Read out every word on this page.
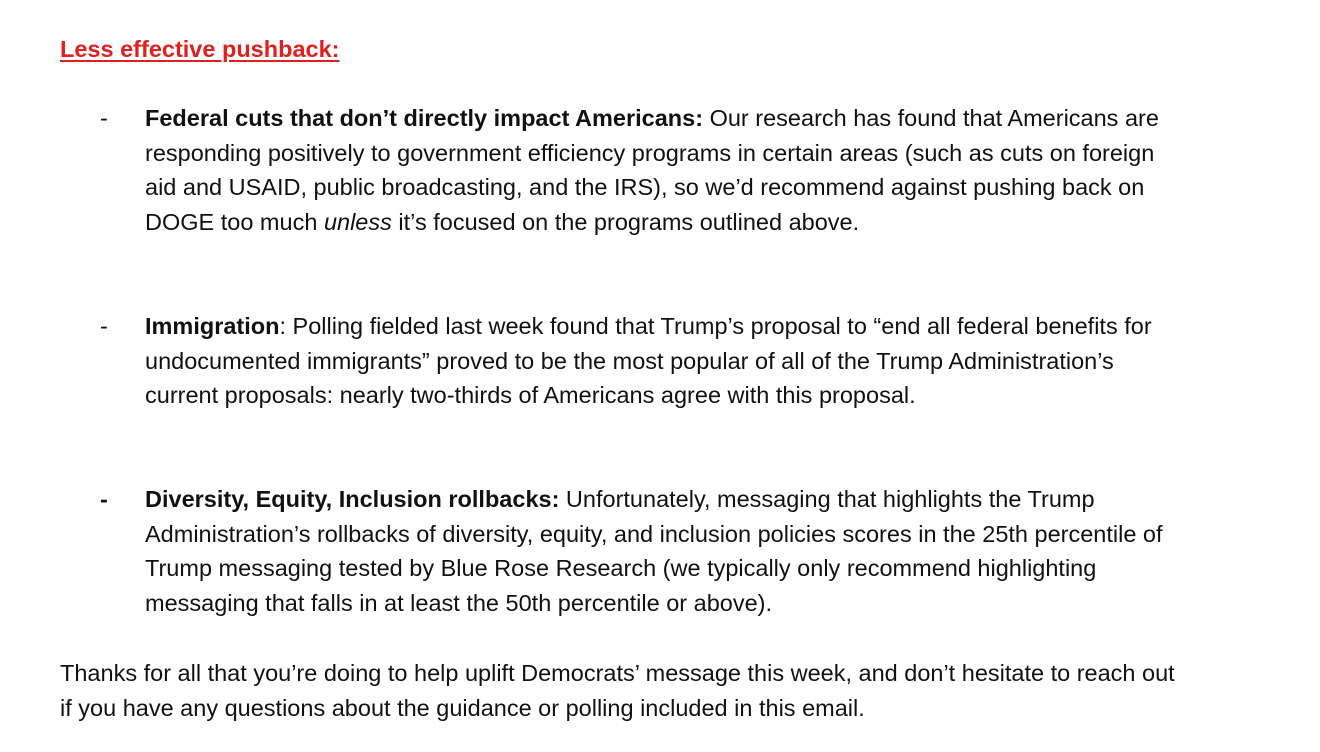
Less effective pushback:
-	Federal cuts that don’t directly impact Americans: Our research has found that Americans are responding positively to government efficiency programs in certain areas (such as cuts on foreign aid and USAID, public broadcasting, and the IRS), so we’d recommend against pushing back on DOGE too much unless it’s focused on the programs outlined above.
-	Immigration: Polling fielded last week found that Trump’s proposal to “end all federal benefits for undocumented immigrants” proved to be the most popular of all of the Trump Administration’s current proposals: nearly two-thirds of Americans agree with this proposal.
-	Diversity, Equity, Inclusion rollbacks: Unfortunately, messaging that highlights the Trump Administration’s rollbacks of diversity, equity, and inclusion policies scores in the 25th percentile of Trump messaging tested by Blue Rose Research (we typically only recommend highlighting messaging that falls in at least the 50th percentile or above).

Thanks for all that you’re doing to help uplift Democrats’ message this week, and don’t hesitate to reach out if you have any questions about the guidance or polling included in this email.
